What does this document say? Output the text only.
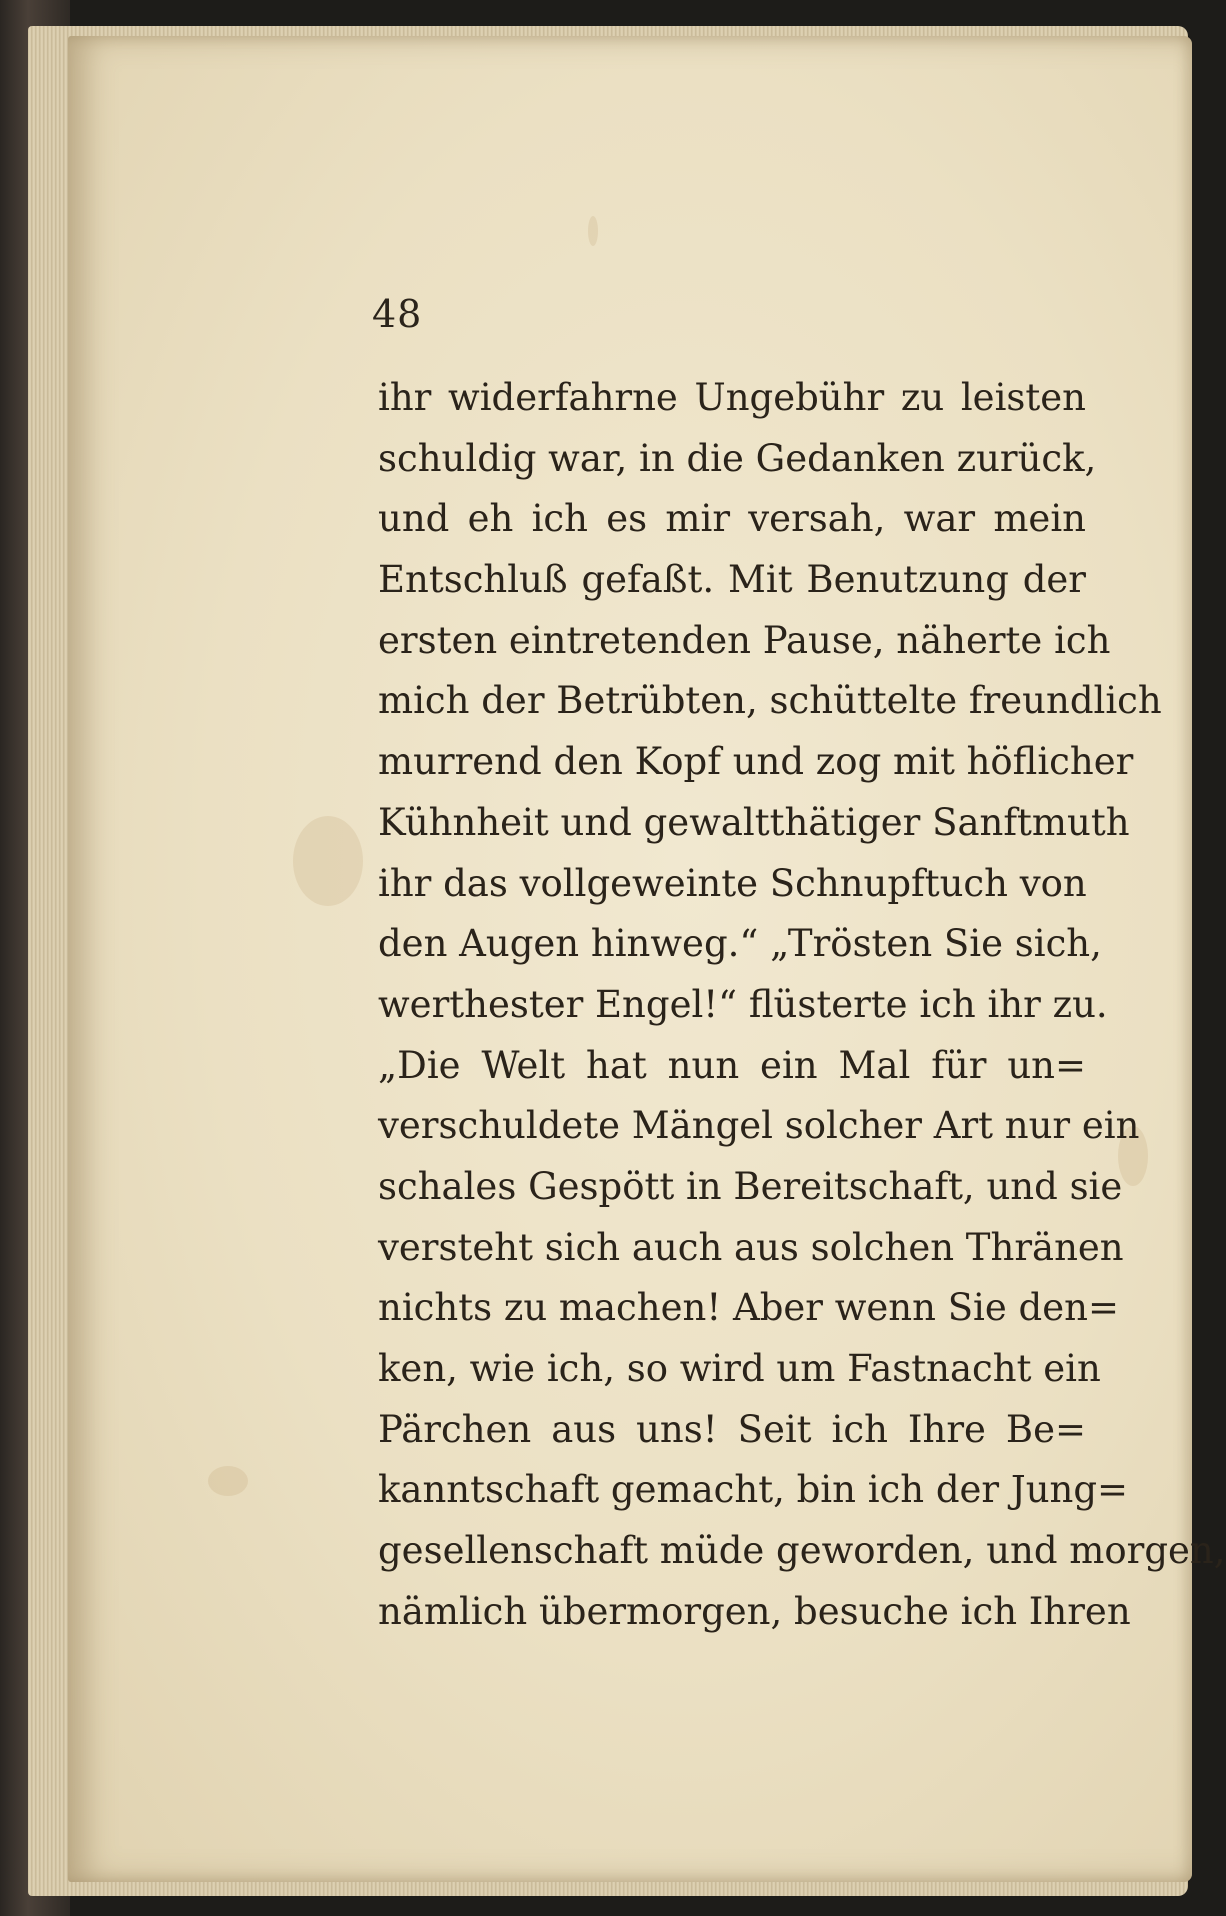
48
ihr widerfahrne Ungebühr zu leisten
schuldig war, in die Gedanken zurück,
und eh ich es mir versah, war mein
Entschluß gefaßt. Mit Benutzung der
ersten eintretenden Pause, näherte ich
mich der Betrübten, schüttelte freundlich
murrend den Kopf und zog mit höflicher
Kühnheit und gewaltthätiger Sanftmuth
ihr das vollgeweinte Schnupftuch von
den Augen hinweg.“ „Trösten Sie sich,
werthester Engel!“ flüsterte ich ihr zu.
„Die Welt hat nun ein Mal für un=
verschuldete Mängel solcher Art nur ein
schales Gespött in Bereitschaft, und sie
versteht sich auch aus solchen Thränen
nichts zu machen! Aber wenn Sie den=
ken, wie ich, so wird um Fastnacht ein
Pärchen aus uns! Seit ich Ihre Be=
kanntschaft gemacht, bin ich der Jung=
gesellenschaft müde geworden, und morgen,
nämlich übermorgen, besuche ich Ihren
